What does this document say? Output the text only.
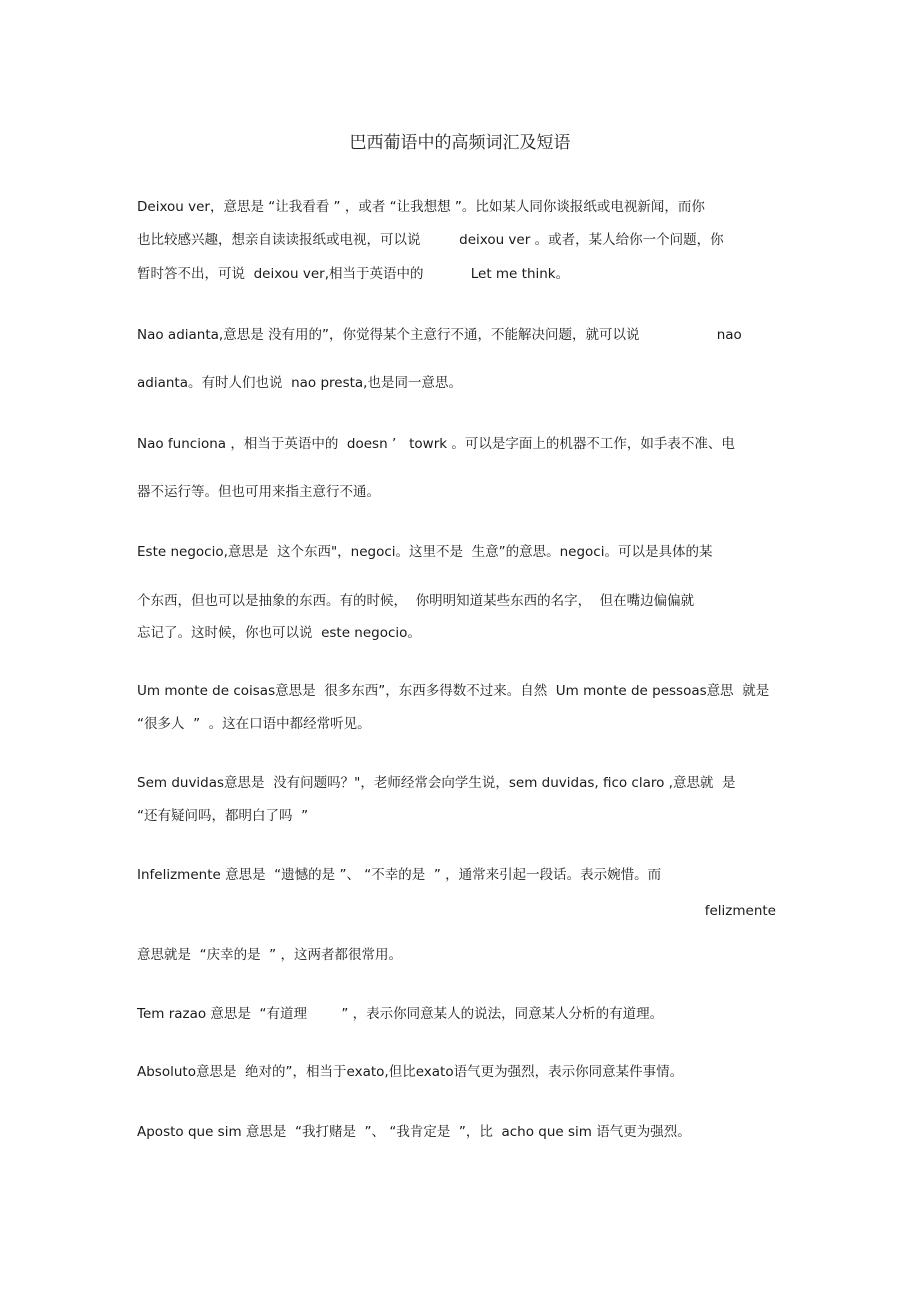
巴西葡语中的高频词汇及短语
Deixou ver，意思是 “让我看看 ” ，或者 “让我想想 ”。比如某人同你谈报纸或电视新闻，而你
也比较感兴趣，想亲自读读报纸或电视，可以说         deixou ver 。或者，某人给你一个问题，你
暂时答不出，可说  deixou ver,相当于英语中的           Let me think。
Nao adianta,意思是 没有用的”，你觉得某个主意行不通，不能解决问题，就可以说                  nao
adianta。有时人们也说  nao presta,也是同一意思。
Nao funciona ，相当于英语中的  doesn ’   towrk 。可以是字面上的机器不工作，如手表不准、电
器不运行等。但也可用来指主意行不通。
Este negocio,意思是  这个东西"，negoci。这里不是  生意”的意思。negoci。可以是具体的某
个东西，但也可以是抽象的东西。有的时候，  你明明知道某些东西的名字，  但在嘴边偏偏就
忘记了。这时候，你也可以说  este negocio。
Um monte de coisas意思是  很多东西”，东西多得数不过来。自然  Um monte de pessoas意思  就是
“很多人  ”  。这在口语中都经常听见。
Sem duvidas意思是  没有问题吗？"，老师经常会向学生说，sem duvidas, fico claro ,意思就  是
“还有疑问吗，都明白了吗  ”
Infelizmente 意思是  “遗憾的是 ”、 “不幸的是  ” ，通常来引起一段话。表示婉惜。而
felizmente
意思就是  “庆幸的是  ” ，这两者都很常用。
Tem razao 意思是  “有道理        ” ，表示你同意某人的说法，同意某人分析的有道理。
Absoluto意思是  绝对的”，相当于exato,但比exato语气更为强烈，表示你同意某件事情。
Aposto que sim 意思是  “我打赌是  ”、 “我肯定是  ”，比  acho que sim 语气更为强烈。
